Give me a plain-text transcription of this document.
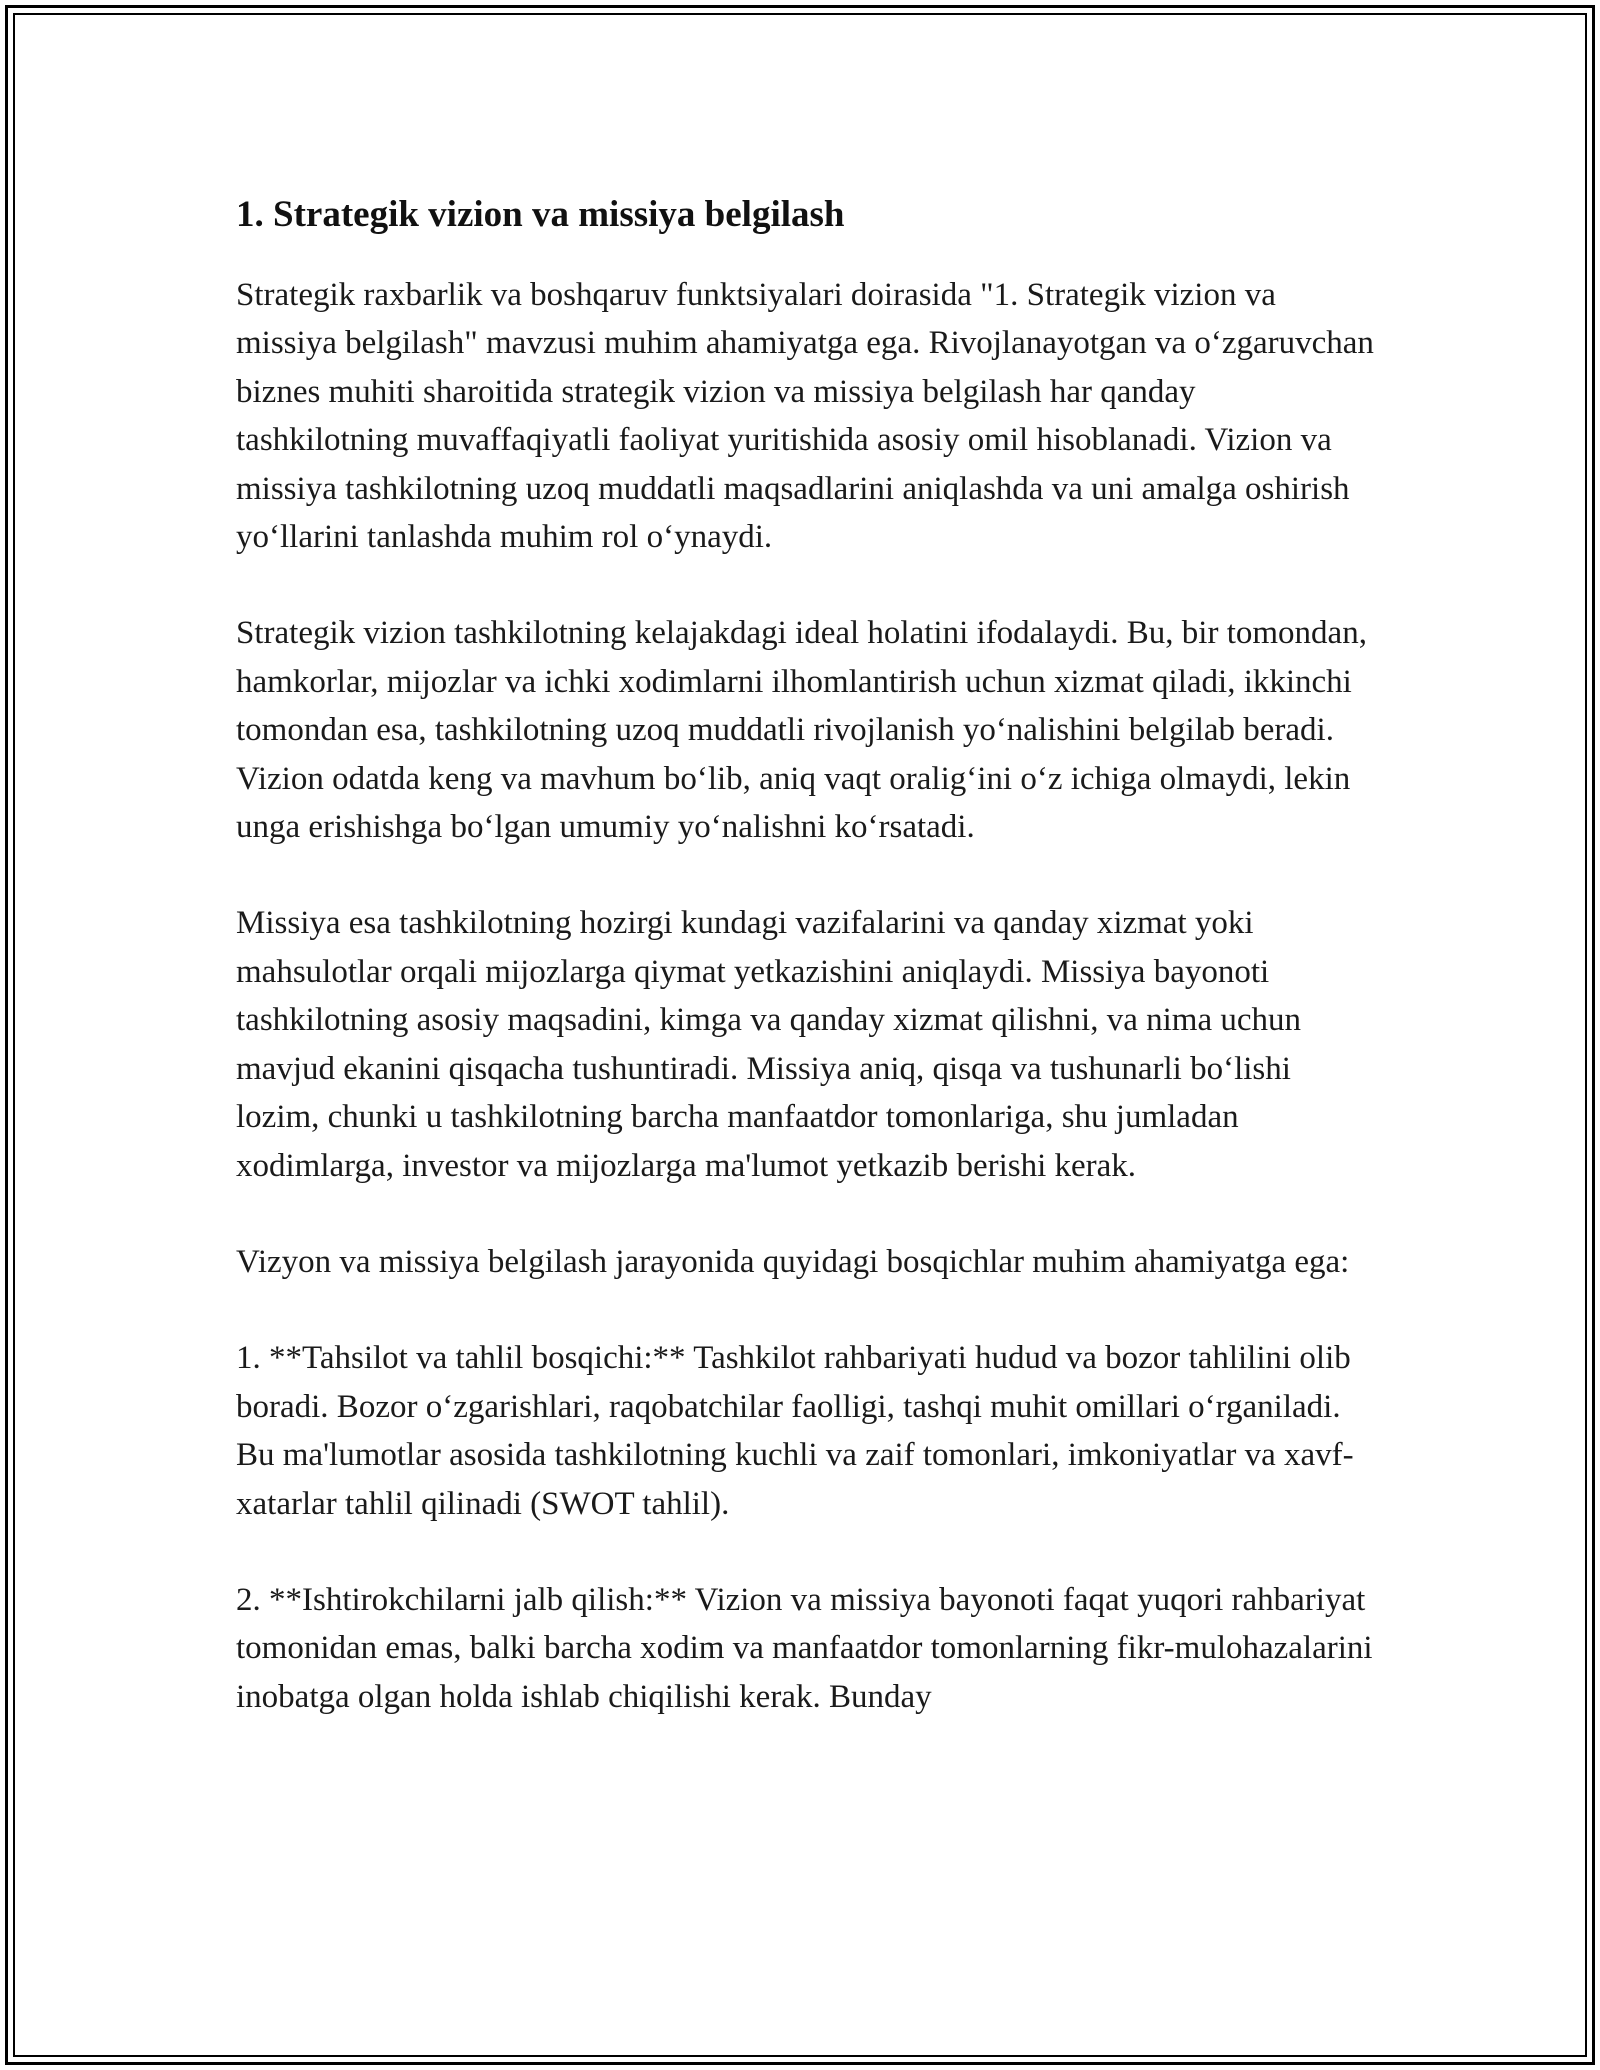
1. Strategik vizion va missiya belgilash

Strategik raxbarlik va boshqaruv funktsiyalari doirasida "1. Strategik vizion va missiya belgilash" mavzusi muhim ahamiyatga ega. Rivojlanayotgan va o‘zgaruvchan biznes muhiti sharoitida strategik vizion va missiya belgilash har qanday tashkilotning muvaffaqiyatli faoliyat yuritishida asosiy omil hisoblanadi. Vizion va missiya tashkilotning uzoq muddatli maqsadlarini aniqlashda va uni amalga oshirish yo‘llarini tanlashda muhim rol o‘ynaydi.

Strategik vizion tashkilotning kelajakdagi ideal holatini ifodalaydi. Bu, bir tomondan, hamkorlar, mijozlar va ichki xodimlarni ilhomlantirish uchun xizmat qiladi, ikkinchi tomondan esa, tashkilotning uzoq muddatli rivojlanish yo‘nalishini belgilab beradi. Vizion odatda keng va mavhum bo‘lib, aniq vaqt oralig‘ini o‘z ichiga olmaydi, lekin unga erishishga bo‘lgan umumiy yo‘nalishni ko‘rsatadi.

Missiya esa tashkilotning hozirgi kundagi vazifalarini va qanday xizmat yoki mahsulotlar orqali mijozlarga qiymat yetkazishini aniqlaydi. Missiya bayonoti tashkilotning asosiy maqsadini, kimga va qanday xizmat qilishni, va nima uchun mavjud ekanini qisqacha tushuntiradi. Missiya aniq, qisqa va tushunarli bo‘lishi lozim, chunki u tashkilotning barcha manfaatdor tomonlariga, shu jumladan xodimlarga, investor va mijozlarga ma'lumot yetkazib berishi kerak.

Vizyon va missiya belgilash jarayonida quyidagi bosqichlar muhim ahamiyatga ega:

1. **Tahsilot va tahlil bosqichi:** Tashkilot rahbariyati hudud va bozor tahlilini olib boradi. Bozor o‘zgarishlari, raqobatchilar faolligi, tashqi muhit omillari o‘rganiladi. Bu ma'lumotlar asosida tashkilotning kuchli va zaif tomonlari, imkoniyatlar va xavf-xatarlar tahlil qilinadi (SWOT tahlil).

2. **Ishtirokchilarni jalb qilish:** Vizion va missiya bayonoti faqat yuqori rahbariyat tomonidan emas, balki barcha xodim va manfaatdor tomonlarning fikr-mulohazalarini inobatga olgan holda ishlab chiqilishi kerak. Bunday
